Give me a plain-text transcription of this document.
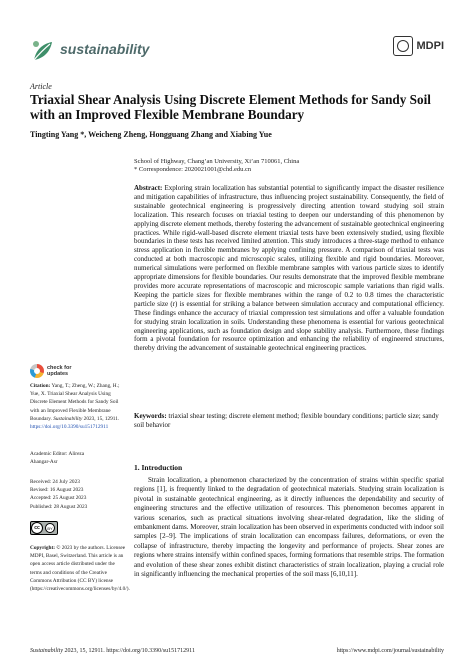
sustainability	MDPI
Article
Triaxial Shear Analysis Using Discrete Element Methods for Sandy Soil with an Improved Flexible Membrane Boundary
Tingting Yang *, Weicheng Zheng, Hongguang Zhang and Xiabing Yue
School of Highway, Chang’an University, Xi’an 710061, China
* Correspondence: 2020021001@chd.edu.cn
Abstract: Exploring strain localization has substantial potential to significantly impact the disaster resilience and mitigation capabilities of infrastructure, thus influencing project sustainability. Consequently, the field of sustainable geotechnical engineering is progressively directing attention toward studying soil strain localization. This research focuses on triaxial testing to deepen our understanding of this phenomenon by applying discrete element methods, thereby fostering the advancement of sustainable geotechnical engineering practices. While rigid-wall-based discrete element triaxial tests have been extensively studied, using flexible boundaries in these tests has received limited attention. This study introduces a three-stage method to enhance stress application in flexible membranes by applying confining pressure. A comparison of triaxial tests was conducted at both macroscopic and microscopic scales, utilizing flexible and rigid boundaries. Moreover, numerical simulations were performed on flexible membrane samples with various particle sizes to identify appropriate dimensions for flexible boundaries. Our results demonstrate that the improved flexible membrane provides more accurate representations of macroscopic and microscopic sample variations than rigid walls. Keeping the particle sizes for flexible membranes within the range of 0.2 to 0.8 times the characteristic particle size (r) is essential for striking a balance between simulation accuracy and computational efficiency. These findings enhance the accuracy of triaxial compression test simulations and offer a valuable foundation for studying strain localization in soils. Understanding these phenomena is essential for various geotechnical engineering applications, such as foundation design and slope stability analysis. Furthermore, these findings form a pivotal foundation for resource optimization and enhancing the reliability of engineered structures, thereby driving the advancement of sustainable geotechnical engineering practices.
Keywords: triaxial shear testing; discrete element method; flexible boundary conditions; particle size; sandy soil behavior
check for
updates
Citation: Yang, T.; Zheng, W.; Zhang, H.; Yue, X. Triaxial Shear Analysis Using Discrete Element Methods for Sandy Soil with an Improved Flexible Membrane Boundary. Sustainability 2023, 15, 12911. https://doi.org/10.3390/su151712911
Academic Editor: Alireza
Ahangar-Asr
Received: 24 July 2023
Revised: 16 August 2023
Accepted: 25 August 2023
Published: 28 August 2023
cc	BY
Copyright: © 2023 by the authors. Licensee MDPI, Basel, Switzerland. This article is an open access article distributed under the terms and conditions of the Creative Commons Attribution (CC BY) license (https://creativecommons.org/licenses/by/4.0/).
1. Introduction
Strain localization, a phenomenon characterized by the concentration of strains within specific spatial regions [1], is frequently linked to the degradation of geotechnical materials. Studying strain localization is pivotal in sustainable geotechnical engineering, as it directly influences the dependability and security of engineering structures and the effective utilization of resources. This phenomenon becomes apparent in various scenarios, such as practical situations involving shear-related degradation, like the sliding of embankment dams. Moreover, strain localization has been observed in experiments conducted with indoor soil samples [2–9]. The implications of strain localization can encompass failures, deformations, or even the collapse of infrastructure, thereby impacting the longevity and performance of projects. Shear zones are regions where strains intensify within confined spaces, forming formations that resemble strips. The formation and evolution of these shear zones exhibit distinct characteristics of strain localization, playing a crucial role in significantly influencing the mechanical properties of the soil mass [6,10,11].
Sustainability 2023, 15, 12911. https://doi.org/10.3390/su151712911	https://www.mdpi.com/journal/sustainability
